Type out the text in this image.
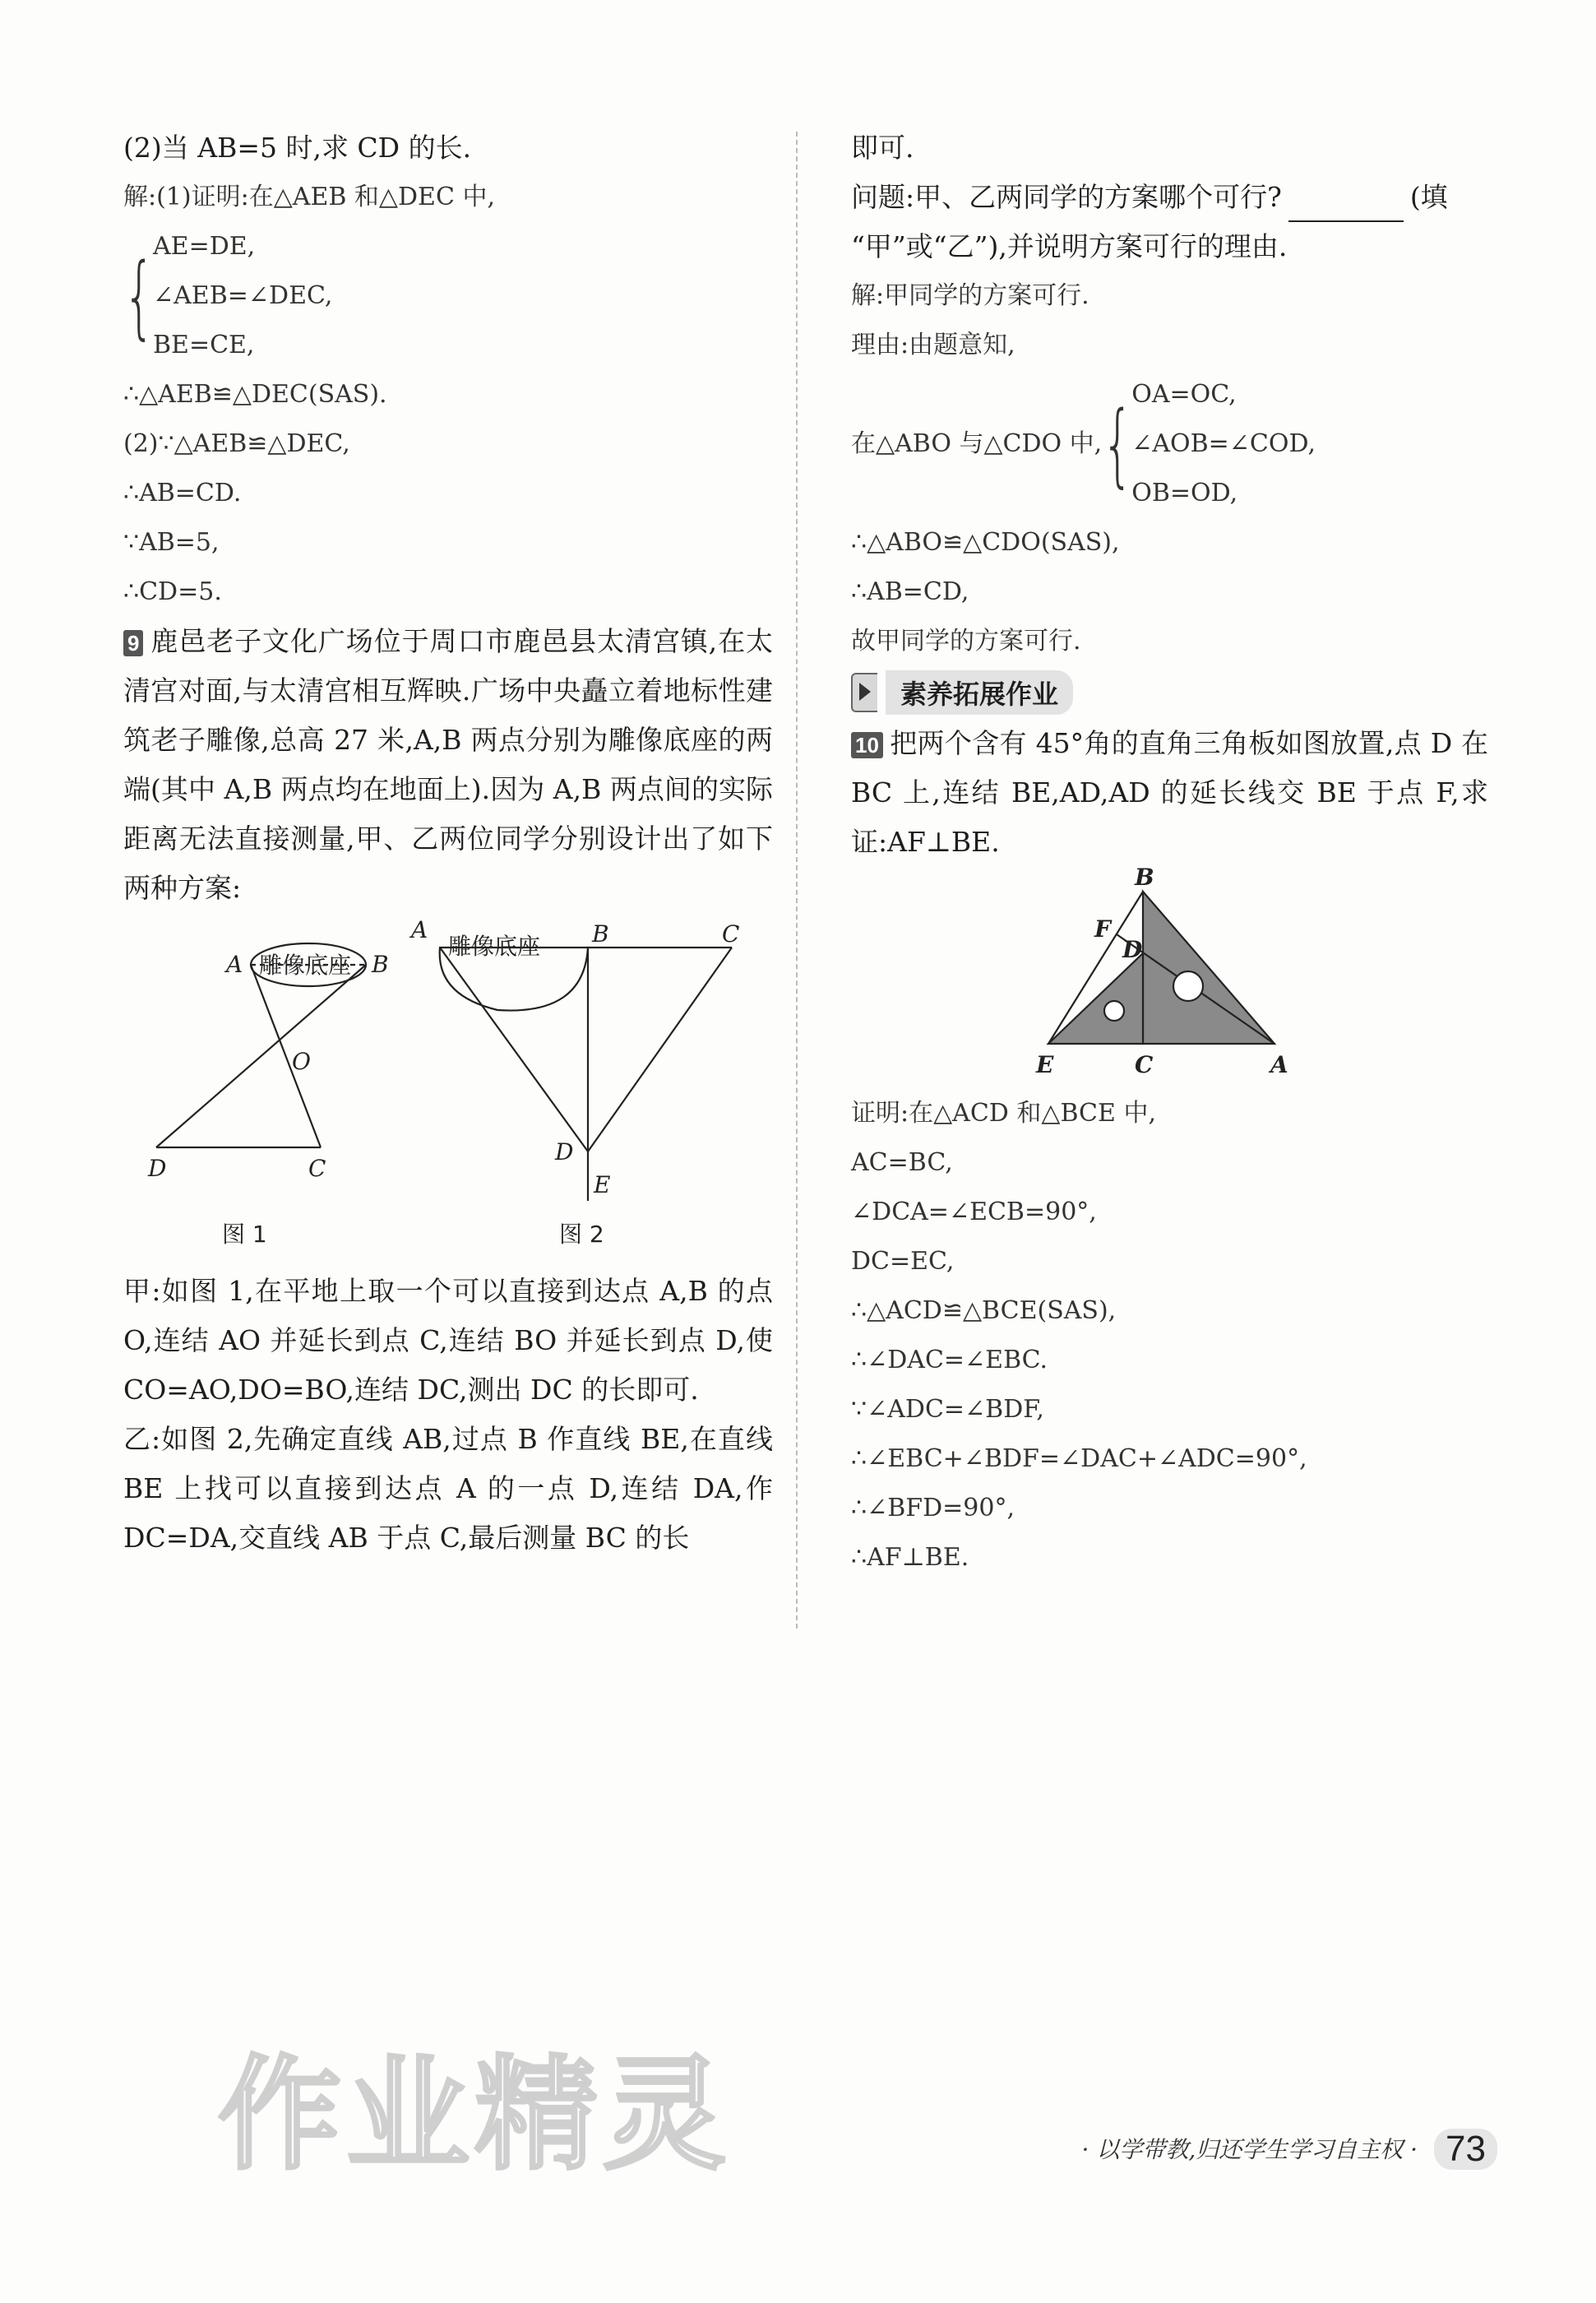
(2)当 AB=5 时,求 CD 的长.
解:(1)证明:在△AEB 和△DEC 中,
{
AE=DE,
∠AEB=∠DEC,
BE=CE,
∴△AEB≌△DEC(SAS).
(2)∵△AEB≌△DEC,
∴AB=CD.
∵AB=5,
∴CD=5.
9 鹿邑老子文化广场位于周口市鹿邑县太清宫镇,在太清宫对面,与太清宫相互辉映.广场中央矗立着地标性建筑老子雕像,总高 27 米,A,B 两点分别为雕像底座的两端(其中 A,B 两点均在地面上).因为 A,B 两点间的实际距离无法直接测量,甲、乙两位同学分别设计出了如下两种方案:
A	B
O
D	C
A	B	C
D
E
雕像底座
雕像底座
图 1	图 2
甲:如图 1,在平地上取一个可以直接到达点 A,B 的点 O,连结 AO 并延长到点 C,连结 BO 并延长到点 D,使 CO=AO,DO=BO,连结 DC,测出 DC 的长即可.
乙:如图 2,先确定直线 AB,过点 B 作直线 BE,在直线 BE 上找可以直接到达点 A 的一点 D,连结 DA,作 DC=DA,交直线 AB 于点 C,最后测量 BC 的长
即可.
问题:甲、乙两同学的方案哪个可行?	(填
“甲”或“乙”),并说明方案可行的理由.
解:甲同学的方案可行.
理由:由题意知,
在△ABO 与△CDO 中, {
OA=OC,
∠AOB=∠COD,
OB=OD,
∴△ABO≌△CDO(SAS),
∴AB=CD,
故甲同学的方案可行.
素养拓展作业
10 把两个含有 45°角的直角三角板如图放置,点 D 在 BC 上,连结 BE,AD,AD 的延长线交 BE 于点 F,求证:AF⊥BE.
B
F
D
E	C	A
证明:在△ACD 和△BCE 中,
AC=BC,
∠DCA=∠ECB=90°,
DC=EC,
∴△ACD≌△BCE(SAS),
∴∠DAC=∠EBC.
∵∠ADC=∠BDF,
∴∠EBC+∠BDF=∠DAC+∠ADC=90°,
∴∠BFD=90°,
∴AF⊥BE.
作业精灵	· 以学带教,归还学生学习自主权 · 73
